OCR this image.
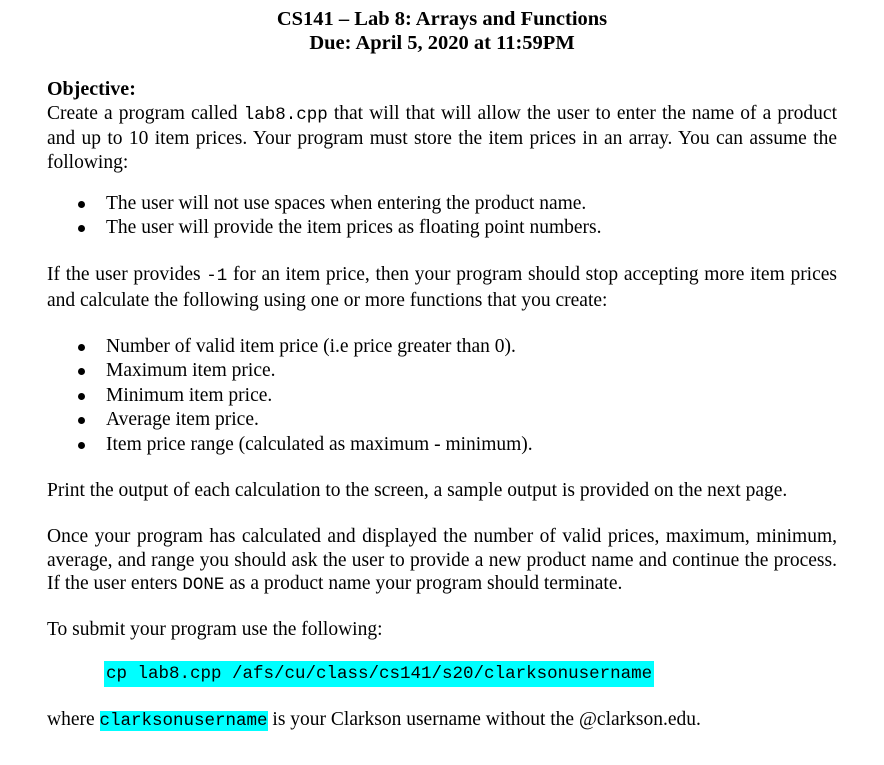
CS141 – Lab 8: Arrays and Functions
Due: April 5, 2020 at 11:59PM
Objective:
Create a program called lab8.cpp that will that will allow the user to enter the name of a product and up to 10 item prices. Your program must store the item prices in an array. You can assume the following:
The user will not use spaces when entering the product name.
The user will provide the item prices as floating point numbers.
If the user provides -1 for an item price, then your program should stop accepting more item prices and calculate the following using one or more functions that you create:
Number of valid item price (i.e price greater than 0).
Maximum item price.
Minimum item price.
Average item price.
Item price range (calculated as maximum - minimum).
Print the output of each calculation to the screen, a sample output is provided on the next page.
Once your program has calculated and displayed the number of valid prices, maximum, minimum, average, and range you should ask the user to provide a new product name and continue the process. If the user enters DONE as a product name your program should terminate.
To submit your program use the following:
cp lab8.cpp /afs/cu/class/cs141/s20/clarksonusername
where clarksonusername is your Clarkson username without the @clarkson.edu.
